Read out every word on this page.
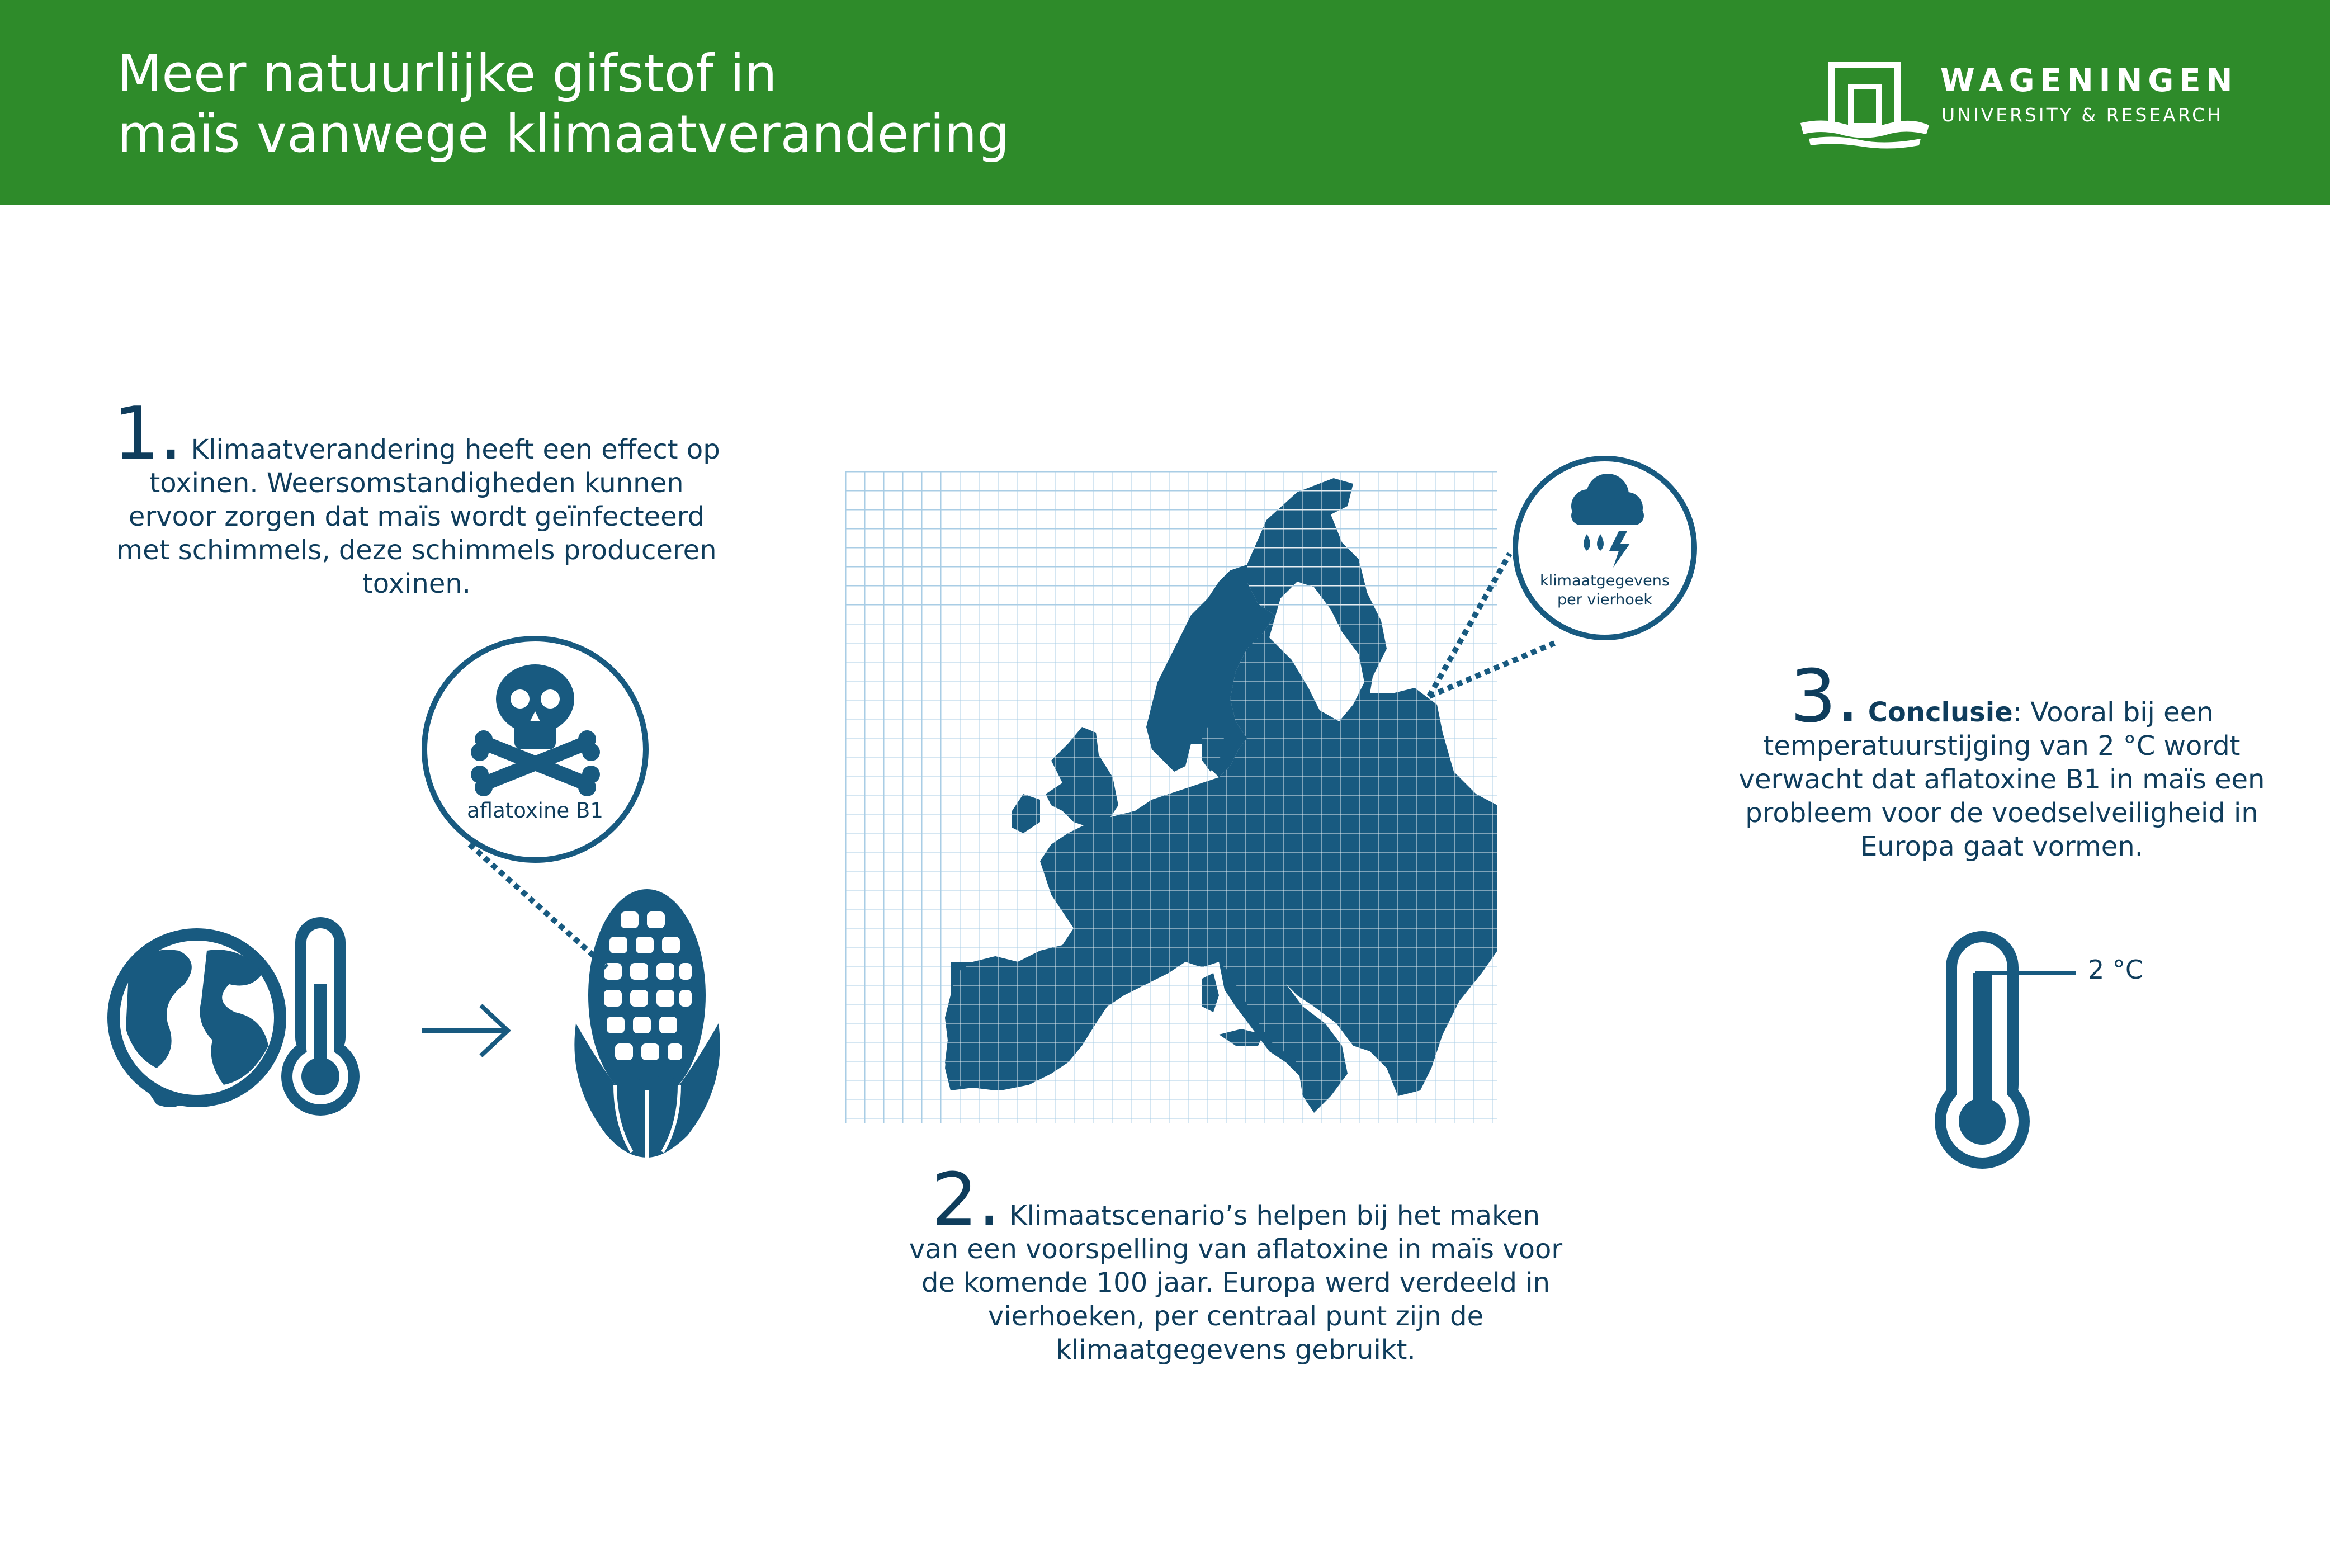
Meer natuurlijke gifstof in
maïs vanwege klimaatverandering
WAGENINGEN
UNIVERSITY & RESEARCH
1. Klimaatverandering heeft een effect op toxinen. Weersomstandigheden kunnen ervoor zorgen dat maïs wordt geïnfecteerd met schimmels, deze schimmels produceren toxinen.
2. Klimaatscenario’s helpen bij het maken van een voorspelling van aflatoxine in maïs voor de komende 100 jaar. Europa werd verdeeld in vierhoeken, per centraal punt zijn de klimaatgegevens gebruikt.
3. Conclusie: Vooral bij een temperatuurstijging van 2 °C wordt verwacht dat aflatoxine B1 in maïs een probleem voor de voedselveiligheid in Europa gaat vormen.
aflatoxine B1
klimaatgegevens
per vierhoek
2 °C
